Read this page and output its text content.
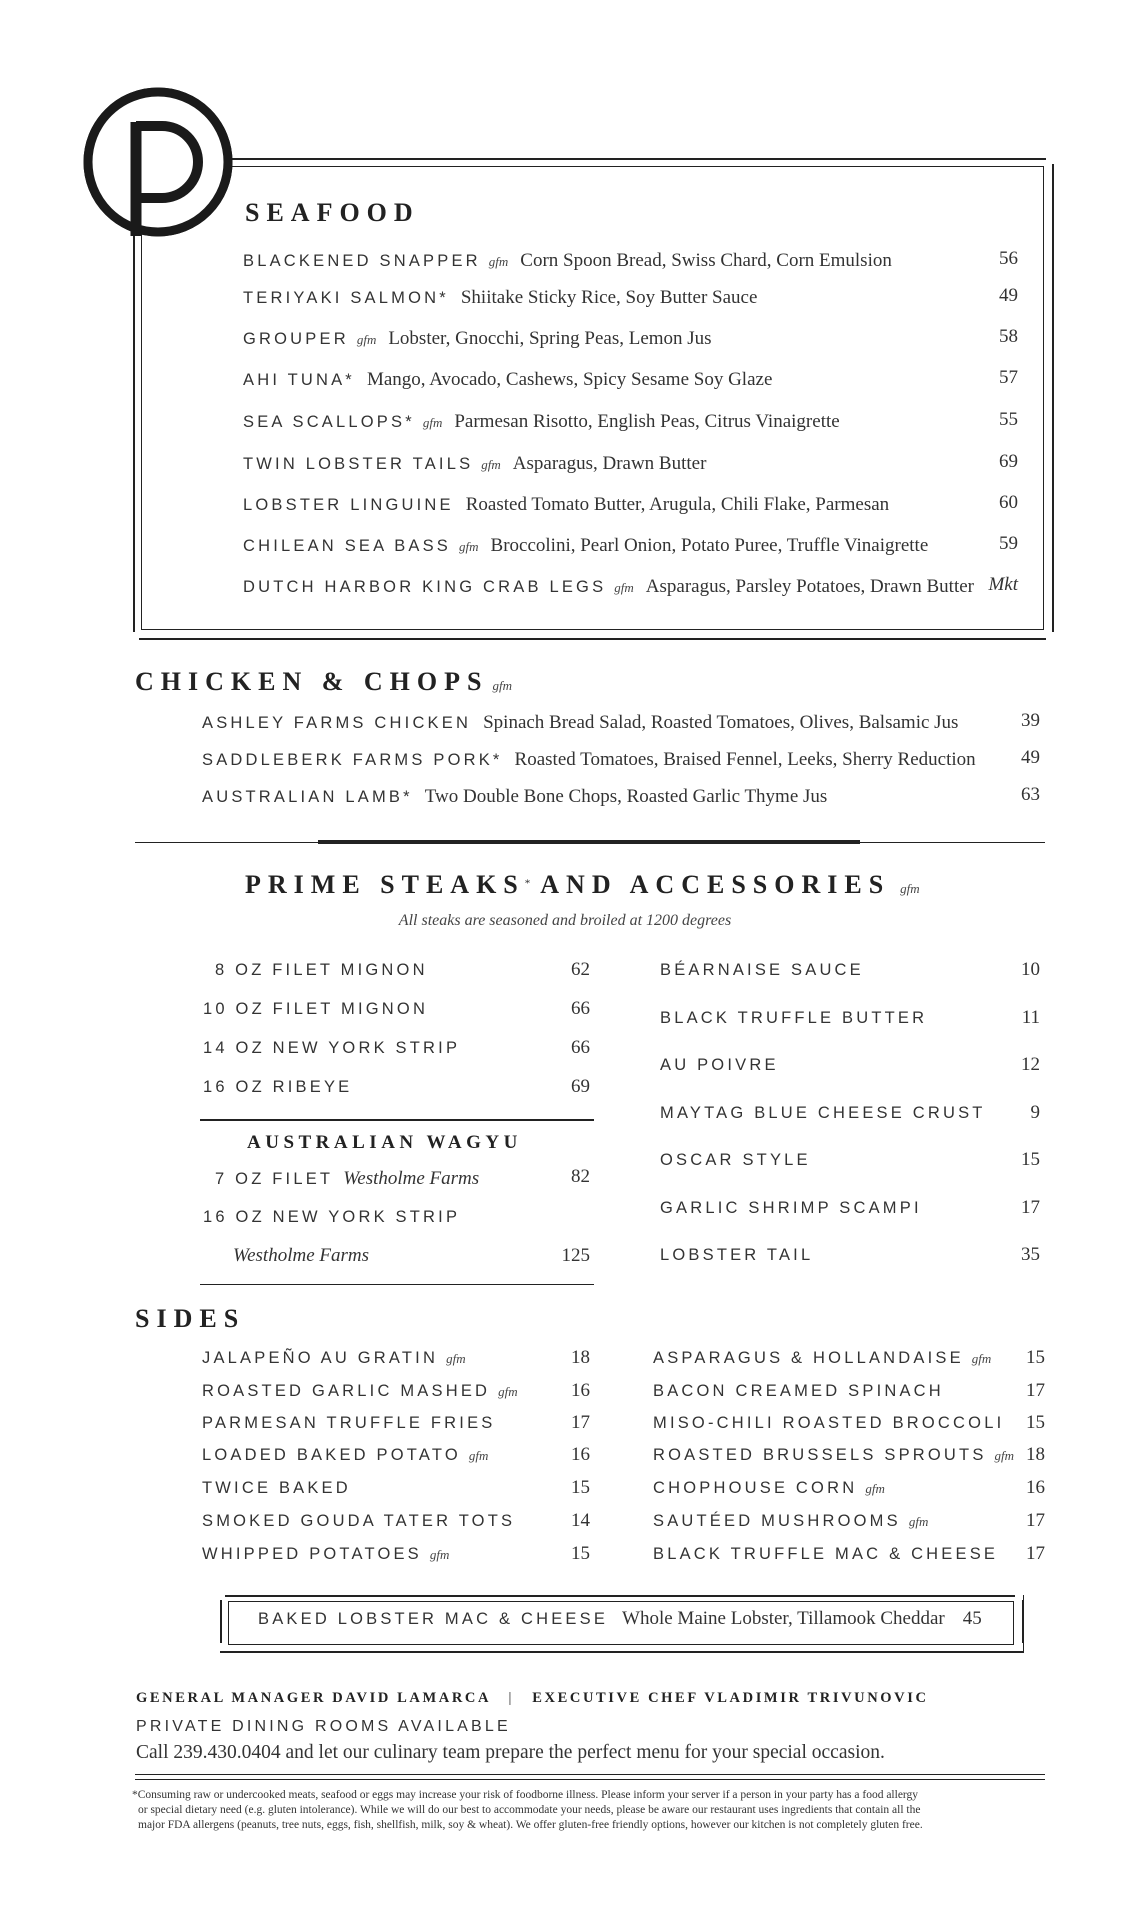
SEAFOOD
BLACKENED SNAPPER gfm Corn Spoon Bread, Swiss Chard, Corn Emulsion	56
TERIYAKI SALMON* Shiitake Sticky Rice, Soy Butter Sauce	49
GROUPER gfm Lobster, Gnocchi, Spring Peas, Lemon Jus	58
AHI TUNA* Mango, Avocado, Cashews, Spicy Sesame Soy Glaze	57
SEA SCALLOPS* gfm Parmesan Risotto, English Peas, Citrus Vinaigrette	55
TWIN LOBSTER TAILS gfm Asparagus, Drawn Butter	69
LOBSTER LINGUINE Roasted Tomato Butter, Arugula, Chili Flake, Parmesan	60
CHILEAN SEA BASS gfm Broccolini, Pearl Onion, Potato Puree, Truffle Vinaigrette	59
DUTCH HARBOR KING CRAB LEGS gfm Asparagus, Parsley Potatoes, Drawn Butter Mkt
CHICKEN & CHOPS gfm
ASHLEY FARMS CHICKEN Spinach Bread Salad, Roasted Tomatoes, Olives, Balsamic Jus	39
SADDLEBERK FARMS PORK* Roasted Tomatoes, Braised Fennel, Leeks, Sherry Reduction	49
AUSTRALIAN LAMB* Two Double Bone Chops, Roasted Garlic Thyme Jus	63
PRIME STEAKS* AND ACCESSORIES gfm
All steaks are seasoned and broiled at 1200 degrees
8 OZ FILET MIGNON	62
10 OZ FILET MIGNON	66
14 OZ NEW YORK STRIP	66
16 OZ RIBEYE	69
AUSTRALIAN WAGYU
7 OZ FILET Westholme Farms	82
16 OZ NEW YORK STRIP
Westholme Farms	125
BÉARNAISE SAUCE	10
BLACK TRUFFLE BUTTER	11
AU POIVRE	12
MAYTAG BLUE CHEESE CRUST	9
OSCAR STYLE	15
GARLIC SHRIMP SCAMPI	17
LOBSTER TAIL	35
SIDES
JALAPEÑO AU GRATIN gfm	18
ROASTED GARLIC MASHED gfm	16
PARMESAN TRUFFLE FRIES	17
LOADED BAKED POTATO gfm	16
TWICE BAKED	15
SMOKED GOUDA TATER TOTS	14
WHIPPED POTATOES gfm	15
ASPARAGUS & HOLLANDAISE gfm	15
BACON CREAMED SPINACH	17
MISO-CHILI ROASTED BROCCOLI	15
ROASTED BRUSSELS SPROUTS gfm 18
CHOPHOUSE CORN gfm	16
SAUTÉED MUSHROOMS gfm	17
BLACK TRUFFLE MAC & CHEESE	17
BAKED LOBSTER MAC & CHEESE Whole Maine Lobster, Tillamook Cheddar 45
GENERAL MANAGER DAVID LAMARCA | EXECUTIVE CHEF VLADIMIR TRIVUNOVIC
PRIVATE DINING ROOMS AVAILABLE
Call 239.430.0404 and let our culinary team prepare the perfect menu for your special occasion.
*Consuming raw or undercooked meats, seafood or eggs may increase your risk of foodborne illness. Please inform your server if a person in your party has a food allergy
or special dietary need (e.g. gluten intolerance). While we will do our best to accommodate your needs, please be aware our restaurant uses ingredients that contain all the
major FDA allergens (peanuts, tree nuts, eggs, fish, shellfish, milk, soy & wheat). We offer gluten-free friendly options, however our kitchen is not completely gluten free.
